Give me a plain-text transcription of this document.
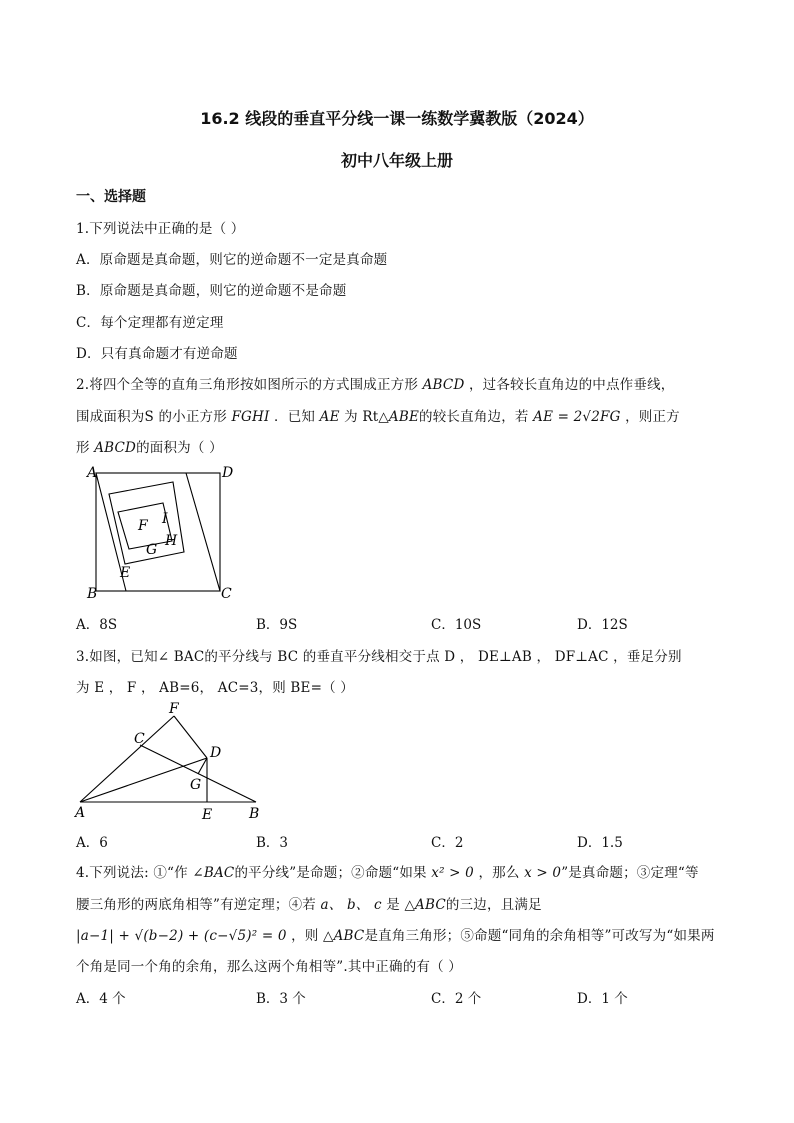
16.2 线段的垂直平分线一课一练数学冀教版（2024）
初中八年级上册
一、选择题
1.下列说法中正确的是（ ）
A．原命题是真命题，则它的逆命题不一定是真命题
B．原命题是真命题，则它的逆命题不是命题
C．每个定理都有逆定理
D．只有真命题才有逆命题
2.将四个全等的直角三角形按如图所示的方式围成正方形 ABCD ，过各较长直角边的中点作垂线，
围成面积为S 的小正方形 FGHI ．已知 AE 为 Rt△ABE的较长直角边，若 AE = 2√2FG ，则正方
形 ABCD的面积为（ ）
A	D
B	C
E
F
G
H
I
A．8S	B．9S	C．10S	D．12S
3.如图，已知∠ BAC的平分线与 BC 的垂直平分线相交于点 D ， DE⊥AB ， DF⊥AC ，垂足分别
为 E ， F ， AB=6， AC=3，则 BE=（ ）
F
C
D
G
A	E	B
A．6	B．3	C．2	D．1.5
4.下列说法: ①“作 ∠BAC的平分线”是命题；②命题“如果 x² > 0 ，那么 x > 0”是真命题；③定理“等
腰三角形的两底角相等”有逆定理；④若 a、 b、 c 是 △ABC的三边，且满足
|a−1| + √(b−2) + (c−√5)² = 0 ，则 △ABC是直角三角形；⑤命题“同角的余角相等”可改写为“如果两
个角是同一个角的余角，那么这两个角相等”.其中正确的有（ ）
A．4 个	B．3 个	C．2 个	D．1 个
